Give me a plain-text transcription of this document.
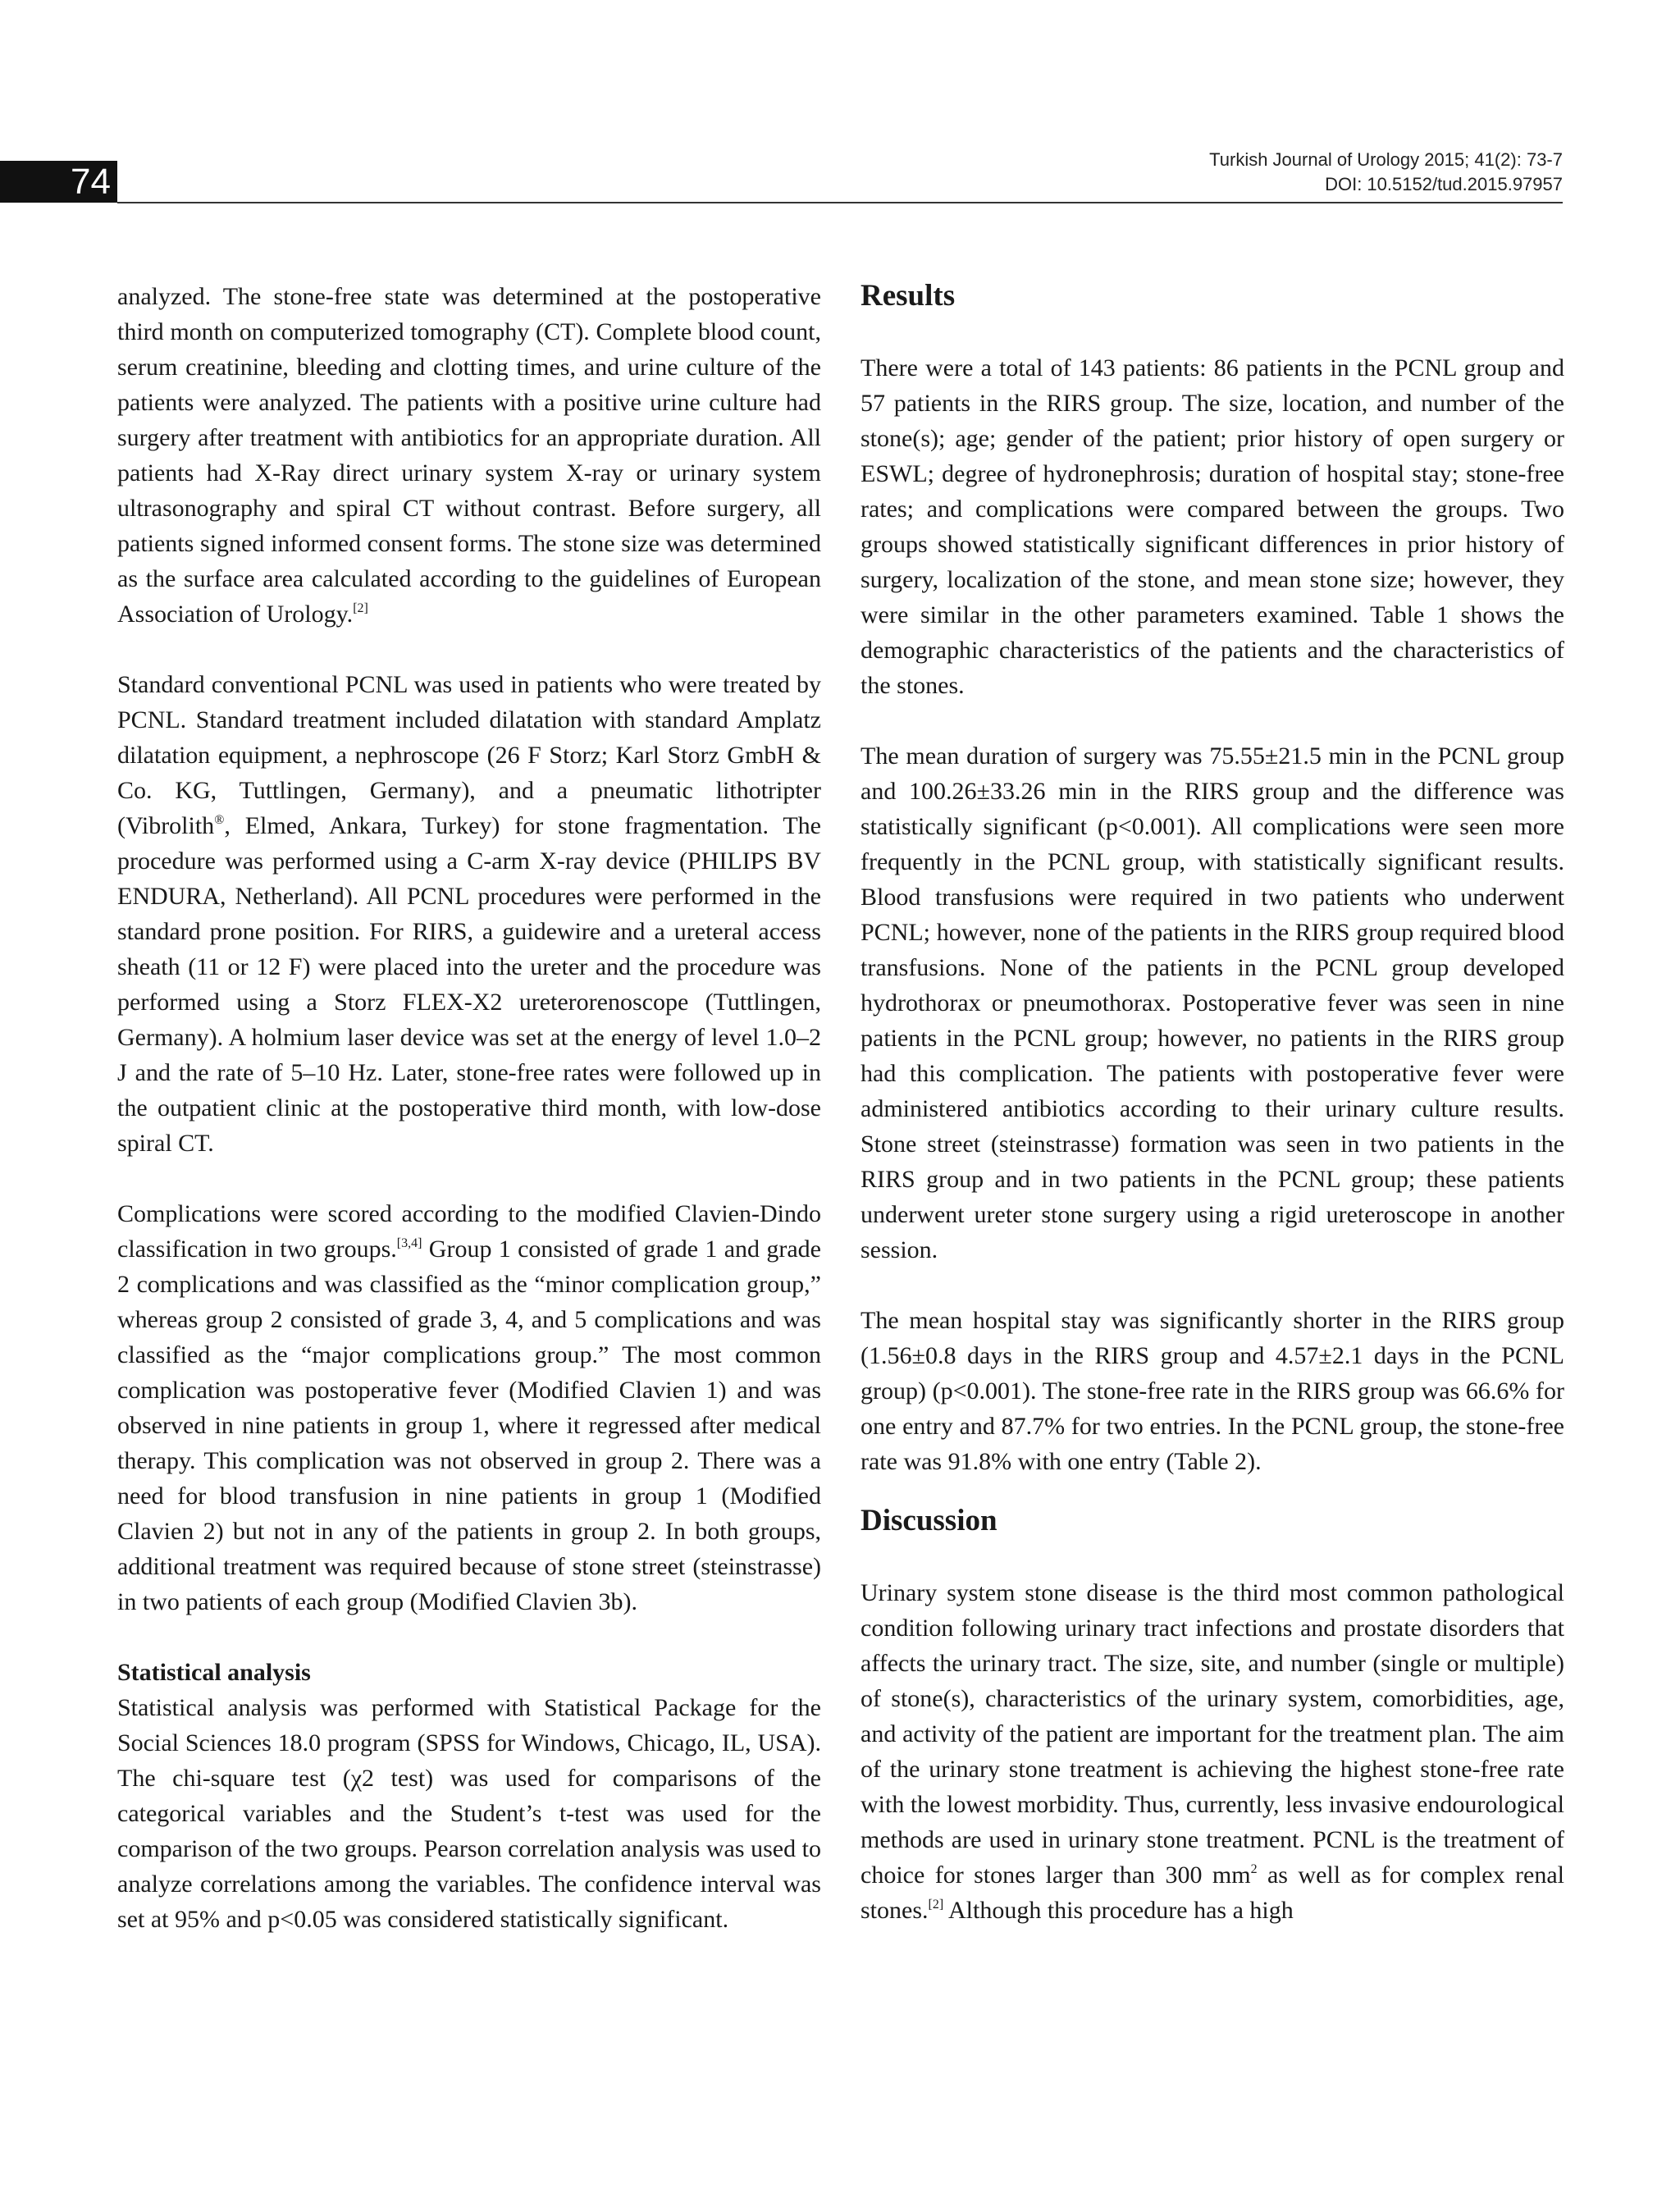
74
Turkish Journal of Urology 2015; 41(2): 73-7
DOI: 10.5152/tud.2015.97957

analyzed. The stone-free state was determined at the postoperative third month on computerized tomography (CT). Complete blood count, serum creatinine, bleeding and clotting times, and urine culture of the patients were analyzed. The patients with a positive urine culture had surgery after treatment with antibiotics for an appropriate duration. All patients had X-Ray direct urinary system X-ray or urinary system ultrasonography and spiral CT without contrast. Before surgery, all patients signed informed consent forms. The stone size was determined as the surface area calculated according to the guidelines of European Association of Urology.[2]

Standard conventional PCNL was used in patients who were treated by PCNL. Standard treatment included dilatation with standard Amplatz dilatation equipment, a nephroscope (26 F Storz; Karl Storz GmbH & Co. KG, Tuttlingen, Germany), and a pneumatic lithotripter (Vibrolith®, Elmed, Ankara, Turkey) for stone fragmentation. The procedure was performed using a C-arm X-ray device (PHILIPS BV ENDURA, Netherland). All PCNL procedures were performed in the standard prone position. For RIRS, a guidewire and a ureteral access sheath (11 or 12 F) were placed into the ureter and the procedure was performed using a Storz FLEX-X2 ureterorenoscope (Tuttlingen, Germany). A holmium laser device was set at the energy of level 1.0–2 J and the rate of 5–10 Hz. Later, stone-free rates were followed up in the outpatient clinic at the postoperative third month, with low-dose spiral CT.

Complications were scored according to the modified Clavien-Dindo classification in two groups.[3,4] Group 1 consisted of grade 1 and grade 2 complications and was classified as the “minor complication group,” whereas group 2 consisted of grade 3, 4, and 5 complications and was classified as the “major complications group.” The most common complication was postoperative fever (Modified Clavien 1) and was observed in nine patients in group 1, where it regressed after medical therapy. This complication was not observed in group 2. There was a need for blood transfusion in nine patients in group 1 (Modified Clavien 2) but not in any of the patients in group 2. In both groups, additional treatment was required because of stone street (steinstrasse) in two patients of each group (Modified Clavien 3b).

Statistical analysis

Statistical analysis was performed with Statistical Package for the Social Sciences 18.0 program (SPSS for Windows, Chicago, IL, USA). The chi-square test (χ2 test) was used for comparisons of the categorical variables and the Student’s t-test was used for the comparison of the two groups. Pearson correlation analysis was used to analyze correlations among the variables. The confidence interval was set at 95% and p<0.05 was considered statistically significant.

Results

There were a total of 143 patients: 86 patients in the PCNL group and 57 patients in the RIRS group. The size, location, and number of the stone(s); age; gender of the patient; prior history of open surgery or ESWL; degree of hydronephrosis; duration of hospital stay; stone-free rates; and complications were compared between the groups. Two groups showed statistically significant differences in prior history of surgery, localization of the stone, and mean stone size; however, they were similar in the other parameters examined. Table 1 shows the demographic characteristics of the patients and the characteristics of the stones.

The mean duration of surgery was 75.55±21.5 min in the PCNL group and 100.26±33.26 min in the RIRS group and the difference was statistically significant (p<0.001). All complications were seen more frequently in the PCNL group, with statistically significant results. Blood transfusions were required in two patients who underwent PCNL; however, none of the patients in the RIRS group required blood transfusions. None of the patients in the PCNL group developed hydrothorax or pneumothorax. Postoperative fever was seen in nine patients in the PCNL group; however, no patients in the RIRS group had this complication. The patients with postoperative fever were administered antibiotics according to their urinary culture results. Stone street (steinstrasse) formation was seen in two patients in the RIRS group and in two patients in the PCNL group; these patients underwent ureter stone surgery using a rigid ureteroscope in another session.

The mean hospital stay was significantly shorter in the RIRS group (1.56±0.8 days in the RIRS group and 4.57±2.1 days in the PCNL group) (p<0.001). The stone-free rate in the RIRS group was 66.6% for one entry and 87.7% for two entries. In the PCNL group, the stone-free rate was 91.8% with one entry (Table 2).

Discussion

Urinary system stone disease is the third most common pathological condition following urinary tract infections and prostate disorders that affects the urinary tract. The size, site, and number (single or multiple) of stone(s), characteristics of the urinary system, comorbidities, age, and activity of the patient are important for the treatment plan. The aim of the urinary stone treatment is achieving the highest stone-free rate with the lowest morbidity. Thus, currently, less invasive endourological methods are used in urinary stone treatment. PCNL is the treatment of choice for stones larger than 300 $mm^2$ as well as for complex renal stones.[2] Although this procedure has a high
